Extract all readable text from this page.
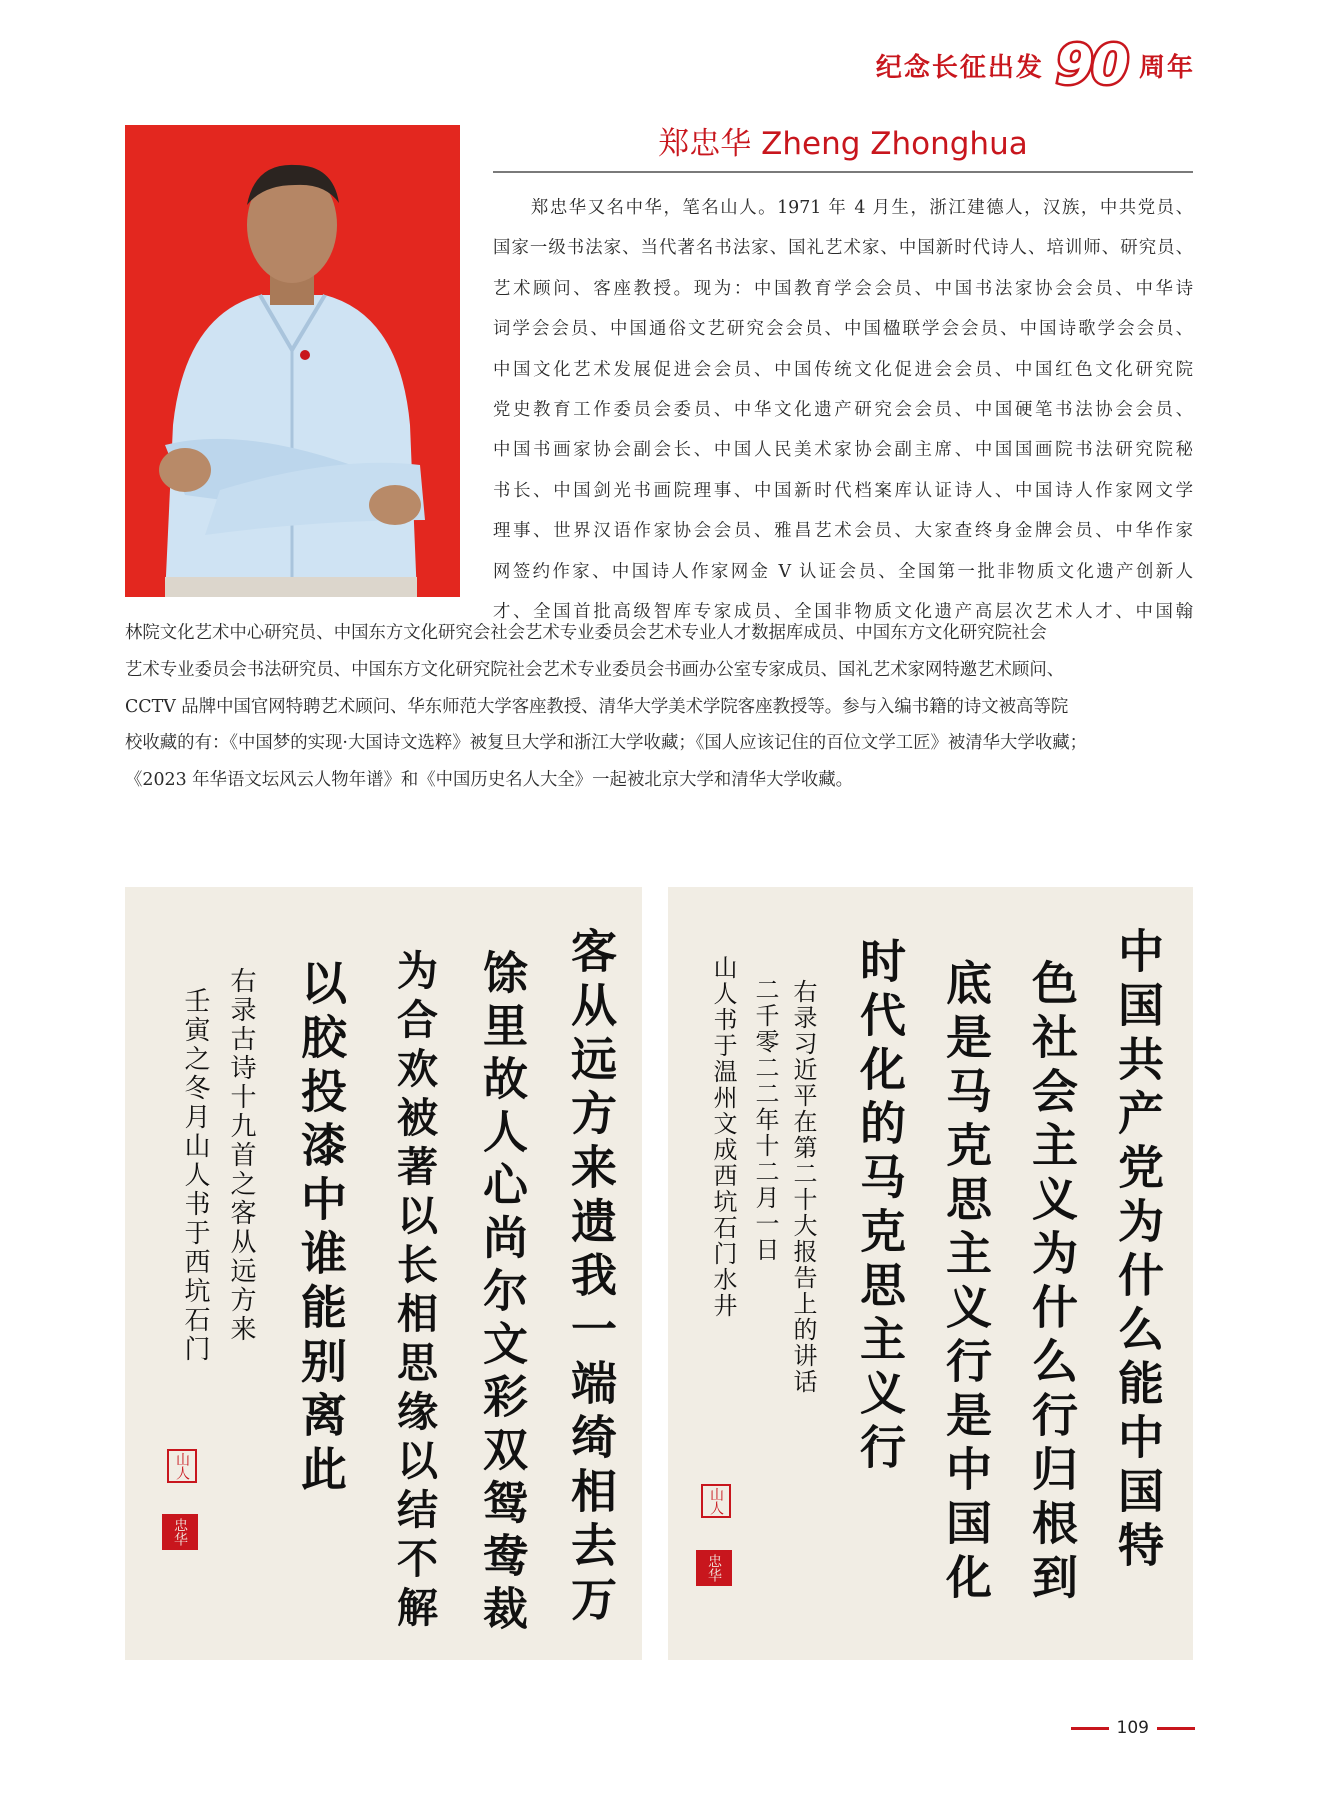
纪念长征出发 90 周年
郑忠华 Zheng Zhonghua
　　郑忠华又名中华，笔名山人。1971 年 4 月生，浙江建德人，汉族，中共党员、
国家一级书法家、当代著名书法家、国礼艺术家、中国新时代诗人、培训师、研究员、
艺术顾问、客座教授。现为：中国教育学会会员、中国书法家协会会员、中华诗
词学会会员、中国通俗文艺研究会会员、中国楹联学会会员、中国诗歌学会会员、
中国文化艺术发展促进会会员、中国传统文化促进会会员、中国红色文化研究院
党史教育工作委员会委员、中华文化遗产研究会会员、中国硬笔书法协会会员、
中国书画家协会副会长、中国人民美术家协会副主席、中国国画院书法研究院秘
书长、中国剑光书画院理事、中国新时代档案库认证诗人、中国诗人作家网文学
理事、世界汉语作家协会会员、雅昌艺术会员、大家查终身金牌会员、中华作家
网签约作家、中国诗人作家网金 V 认证会员、全国第一批非物质文化遗产创新人
才、全国首批高级智库专家成员、全国非物质文化遗产高层次艺术人才、中国翰
林院文化艺术中心研究员、中国东方文化研究会社会艺术专业委员会艺术专业人才数据库成员、中国东方文化研究院社会
艺术专业委员会书法研究员、中国东方文化研究院社会艺术专业委员会书画办公室专家成员、国礼艺术家网特邀艺术顾问、
CCTV 品牌中国官网特聘艺术顾问、华东师范大学客座教授、清华大学美术学院客座教授等。参与入编书籍的诗文被高等院
校收藏的有：《中国梦的实现·大国诗文选粹》被复旦大学和浙江大学收藏；《国人应该记住的百位文学工匠》被清华大学收藏；
《2023 年华语文坛风云人物年谱》和《中国历史名人大全》一起被北京大学和清华大学收藏。
客从远方来遗我一端绮相去万
馀里故人心尚尔文彩双鸳鸯裁
为合欢被著以长相思缘以结不解
以胶投漆中谁能别离此
右录古诗十九首之客从远方来
壬寅之冬月山人书于西坑石门
山人
忠华	中国共产党为什么能中国特
色社会主义为什么行归根到
底是马克思主义行是中国化
时代化的马克思主义行
右录习近平在第二十大报告上的讲话
二千零二二年十二月一日
山人书于温州文成西坑石门水井
山人
忠华
109
